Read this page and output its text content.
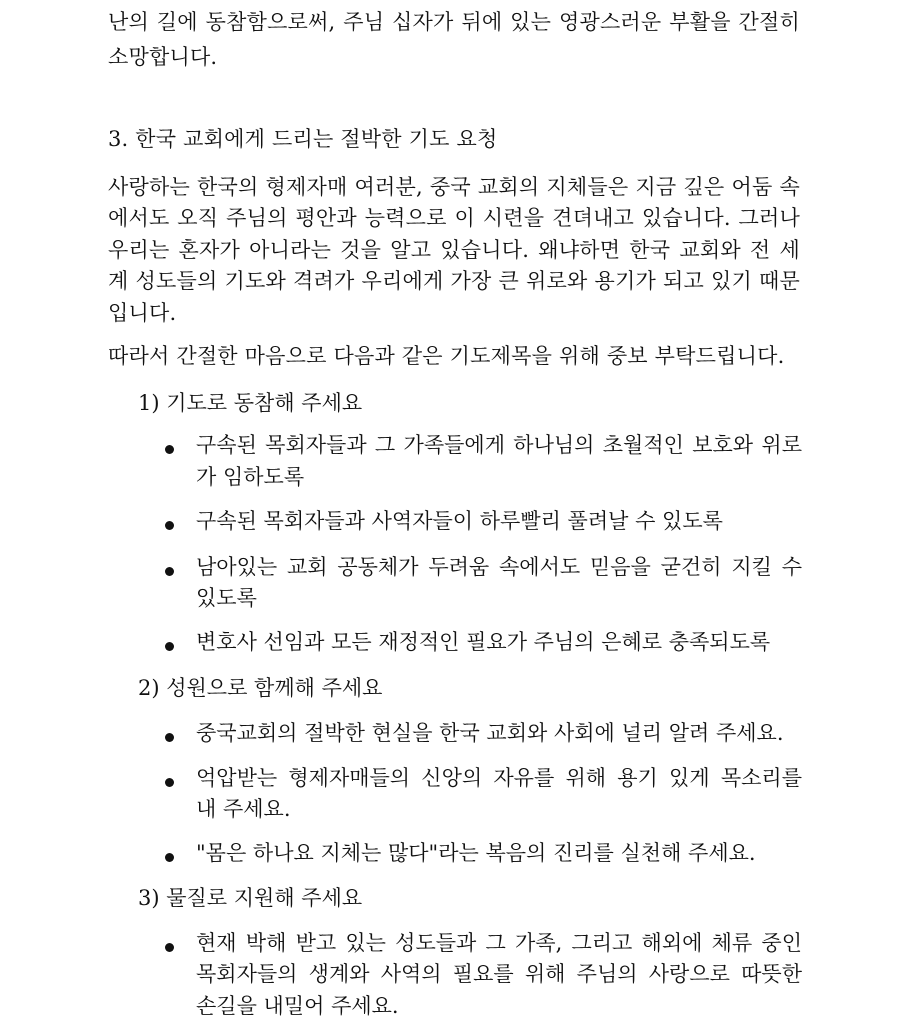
난의 길에 동참함으로써, 주님 십자가 뒤에 있는 영광스러운 부활을 간절히
소망합니다.
3. 한국 교회에게 드리는 절박한 기도 요청
사랑하는 한국의 형제자매 여러분, 중국 교회의 지체들은 지금 깊은 어둠 속
에서도 오직 주님의 평안과 능력으로 이 시련을 견뎌내고 있습니다. 그러나
우리는 혼자가 아니라는 것을 알고 있습니다. 왜냐하면 한국 교회와 전 세
계 성도들의 기도와 격려가 우리에게 가장 큰 위로와 용기가 되고 있기 때문
입니다.
따라서 간절한 마음으로 다음과 같은 기도제목을 위해 중보 부탁드립니다.
1) 기도로 동참해 주세요
구속된 목회자들과 그 가족들에게 하나님의 초월적인 보호와 위로
가 임하도록
구속된 목회자들과 사역자들이 하루빨리 풀려날 수 있도록
남아있는 교회 공동체가 두려움 속에서도 믿음을 굳건히 지킬 수
있도록
변호사 선임과 모든 재정적인 필요가 주님의 은혜로 충족되도록
2) 성원으로 함께해 주세요
중국교회의 절박한 현실을 한국 교회와 사회에 널리 알려 주세요.
억압받는 형제자매들의 신앙의 자유를 위해 용기 있게 목소리를
내 주세요.
"몸은 하나요 지체는 많다"라는 복음의 진리를 실천해 주세요.
3) 물질로 지원해 주세요
현재 박해 받고 있는 성도들과 그 가족, 그리고 해외에 체류 중인
목회자들의 생계와 사역의 필요를 위해 주님의 사랑으로 따뜻한
손길을 내밀어 주세요.
